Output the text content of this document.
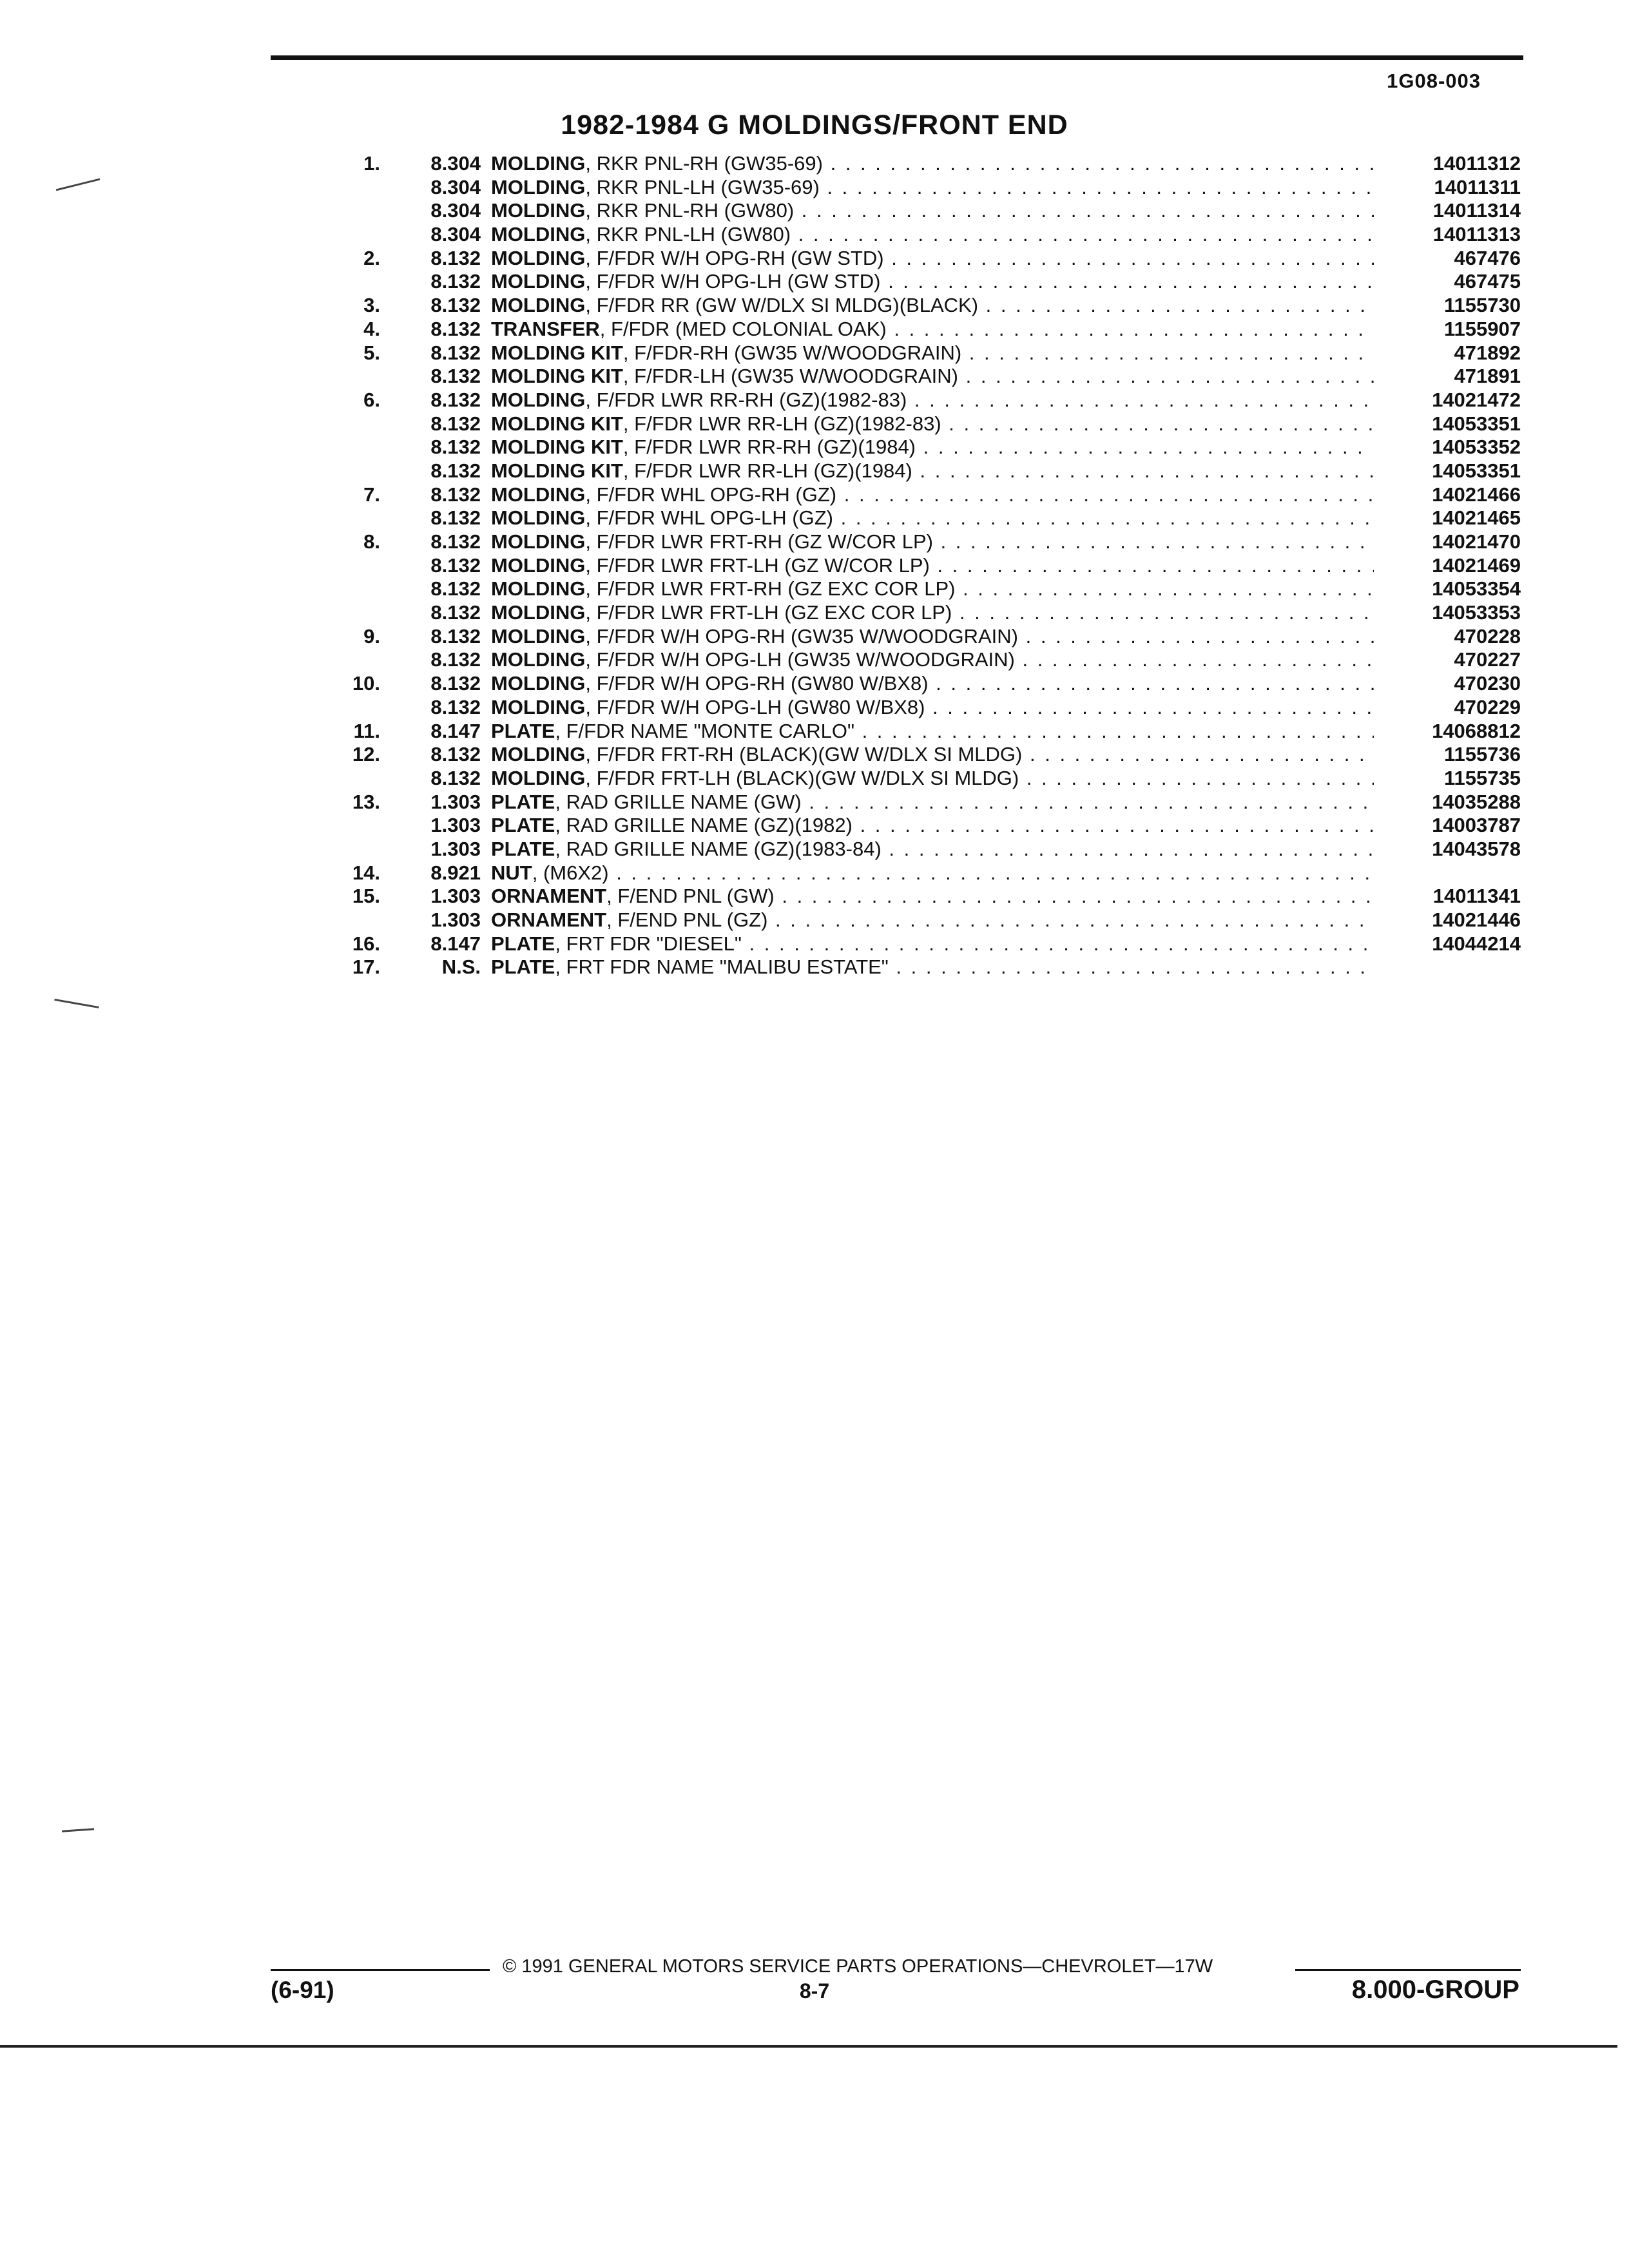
1G08-003
1982-1984 G MOLDINGS/FRONT END
1.	8.304 MOLDING, RKR PNL-RH (GW35-69) . . .	14011312
8.304 MOLDING, RKR PNL-LH (GW35-69) . . .	14011311
8.304 MOLDING, RKR PNL-RH (GW80) . . .	14011314
8.304 MOLDING, RKR PNL-LH (GW80) . . .	14011313
2.	8.132 MOLDING, F/FDR W/H OPG-RH (GW STD) . . .	467476
8.132 MOLDING, F/FDR W/H OPG-LH (GW STD) . . .	467475
3.	8.132 MOLDING, F/FDR RR (GW W/DLX SI MLDG)(BLACK) . . .	1155730
4.	8.132 TRANSFER, F/FDR (MED COLONIAL OAK) . . .	1155907
5.	8.132 MOLDING KIT, F/FDR-RH (GW35 W/WOODGRAIN) . . .	471892
8.132 MOLDING KIT, F/FDR-LH (GW35 W/WOODGRAIN) . . .	471891
6.	8.132 MOLDING, F/FDR LWR RR-RH (GZ)(1982-83) . . .	14021472
8.132 MOLDING KIT, F/FDR LWR RR-LH (GZ)(1982-83) . . .	14053351
8.132 MOLDING KIT, F/FDR LWR RR-RH (GZ)(1984) . . .	14053352
8.132 MOLDING KIT, F/FDR LWR RR-LH (GZ)(1984) . . .	14053351
7.	8.132 MOLDING, F/FDR WHL OPG-RH (GZ) . . .	14021466
8.132 MOLDING, F/FDR WHL OPG-LH (GZ) . . .	14021465
8.	8.132 MOLDING, F/FDR LWR FRT-RH (GZ W/COR LP) . . .	14021470
8.132 MOLDING, F/FDR LWR FRT-LH (GZ W/COR LP) . . .	14021469
8.132 MOLDING, F/FDR LWR FRT-RH (GZ EXC COR LP) . . .	14053354
8.132 MOLDING, F/FDR LWR FRT-LH (GZ EXC COR LP) . . .	14053353
9.	8.132 MOLDING, F/FDR W/H OPG-RH (GW35 W/WOODGRAIN) . . .	470228
8.132 MOLDING, F/FDR W/H OPG-LH (GW35 W/WOODGRAIN) . . .	470227
10.	8.132 MOLDING, F/FDR W/H OPG-RH (GW80 W/BX8) . . .	470230
8.132 MOLDING, F/FDR W/H OPG-LH (GW80 W/BX8) . . .	470229
11.	8.147 PLATE, F/FDR NAME "MONTE CARLO" . . .	14068812
12.	8.132 MOLDING, F/FDR FRT-RH (BLACK)(GW W/DLX SI MLDG) . . .	1155736
8.132 MOLDING, F/FDR FRT-LH (BLACK)(GW W/DLX SI MLDG) . . .	1155735
13.	1.303 PLATE, RAD GRILLE NAME (GW) . . .	14035288
1.303 PLATE, RAD GRILLE NAME (GZ)(1982) . . .	14003787
1.303 PLATE, RAD GRILLE NAME (GZ)(1983-84) . . .	14043578
14.	8.921 NUT, (M6X2) . . .
15.	1.303 ORNAMENT, F/END PNL (GW) . . .	14011341
1.303 ORNAMENT, F/END PNL (GZ) . . .	14021446
16.	8.147 PLATE, FRT FDR "DIESEL" . . .	14044214
17.	N.S. PLATE, FRT FDR NAME "MALIBU ESTATE" . . .
© 1991 GENERAL MOTORS SERVICE PARTS OPERATIONS—CHEVROLET—17W
(6-91)	8-7	8.000-GROUP
